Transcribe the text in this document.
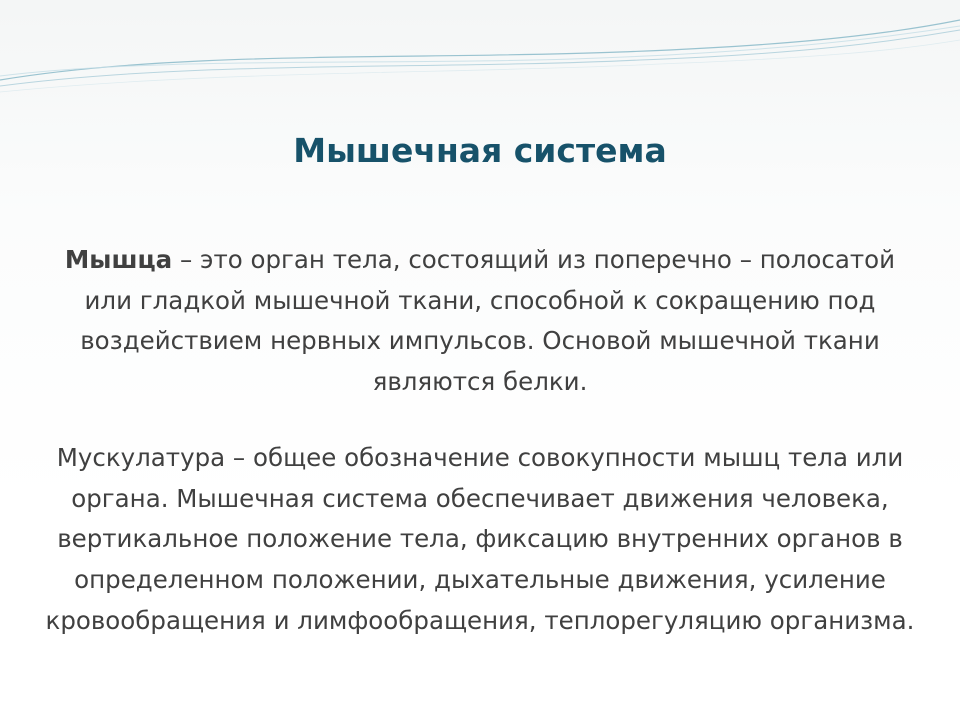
Мышечная система
Мышца – это орган тела, состоящий из поперечно – полосатой или гладкой мышечной ткани, способной к сокращению под воздействием нервных импульсов. Основой мышечной ткани являются белки.
Мускулатура – общее обозначение совокупности мышц тела или органа. Мышечная система обеспечивает движения человека, вертикальное положение тела, фиксацию внутренних органов в определенном положении, дыхательные движения, усиление кровообращения и лимфообращения, теплорегуляцию организма.
